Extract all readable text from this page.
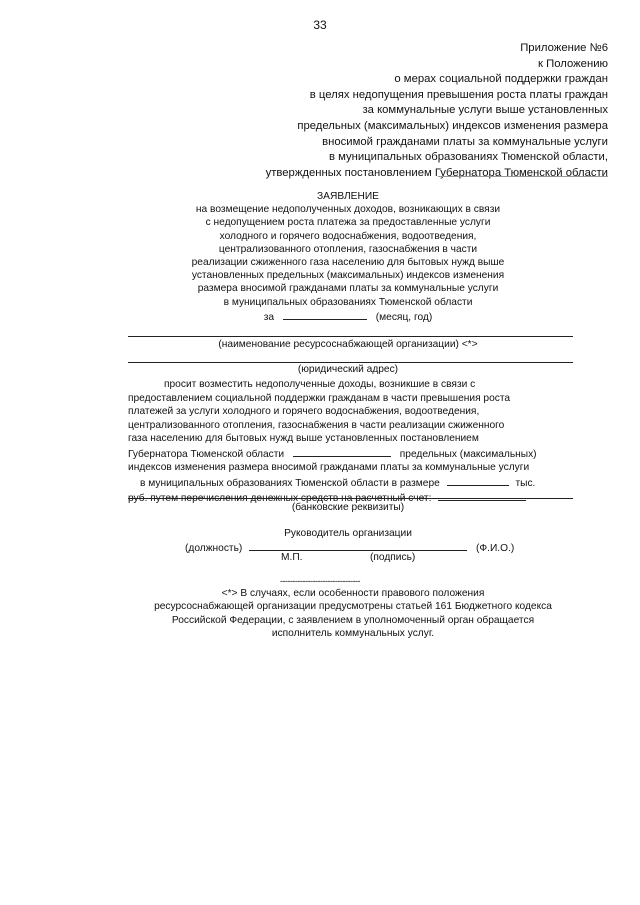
33
Приложение №6
к Положению
о мерах социальной поддержки граждан
в целях недопущения превышения роста платы граждан
за коммунальные услуги выше установленных
предельных (максимальных) индексов изменения размера
вносимой гражданами платы за коммунальные услуги
в муниципальных образованиях Тюменской области,
утвержденных постановлением Губернатора Тюменской области
ЗАЯВЛЕНИЕ
на возмещение недополученных доходов, возникающих в связи
с недопущением роста платежа за предоставленные услуги
холодного и горячего водоснабжения, водоотведения,
централизованного отопления, газоснабжения в части
реализации сжиженного газа населению для бытовых нужд выше
установленных предельных (максимальных) индексов изменения
размера вносимой гражданами платы за коммунальные услуги
в муниципальных образованиях Тюменской области
за	(месяц, год)
(наименование ресурсоснабжающей организации) <*>
(юридический адрес)
просит возместить недополученные доходы, возникшие в связи с
предоставлением социальной поддержки гражданам в части превышения роста
платежей за услуги холодного и горячего водоснабжения, водоотведения,
централизованного отопления, газоснабжения в части реализации сжиженного
газа населению для бытовых нужд выше установленных постановлением
Губернатора Тюменской области	предельных (максимальных)
индексов изменения размера вносимой гражданами платы за коммунальные услуги
в муниципальных образованиях Тюменской области в размере	тыс.
руб. путем перечисления денежных средств на расчетный счет:
(банковские реквизиты)
Руководитель организации
(должность)	(Ф.И.О.)
М.П.	(подпись)
--------------------------------
<*> В случаях, если особенности правового положения
ресурсоснабжающей организации предусмотрены статьей 161 Бюджетного кодекса
Российской Федерации, с заявлением в уполномоченный орган обращается
исполнитель коммунальных услуг.
